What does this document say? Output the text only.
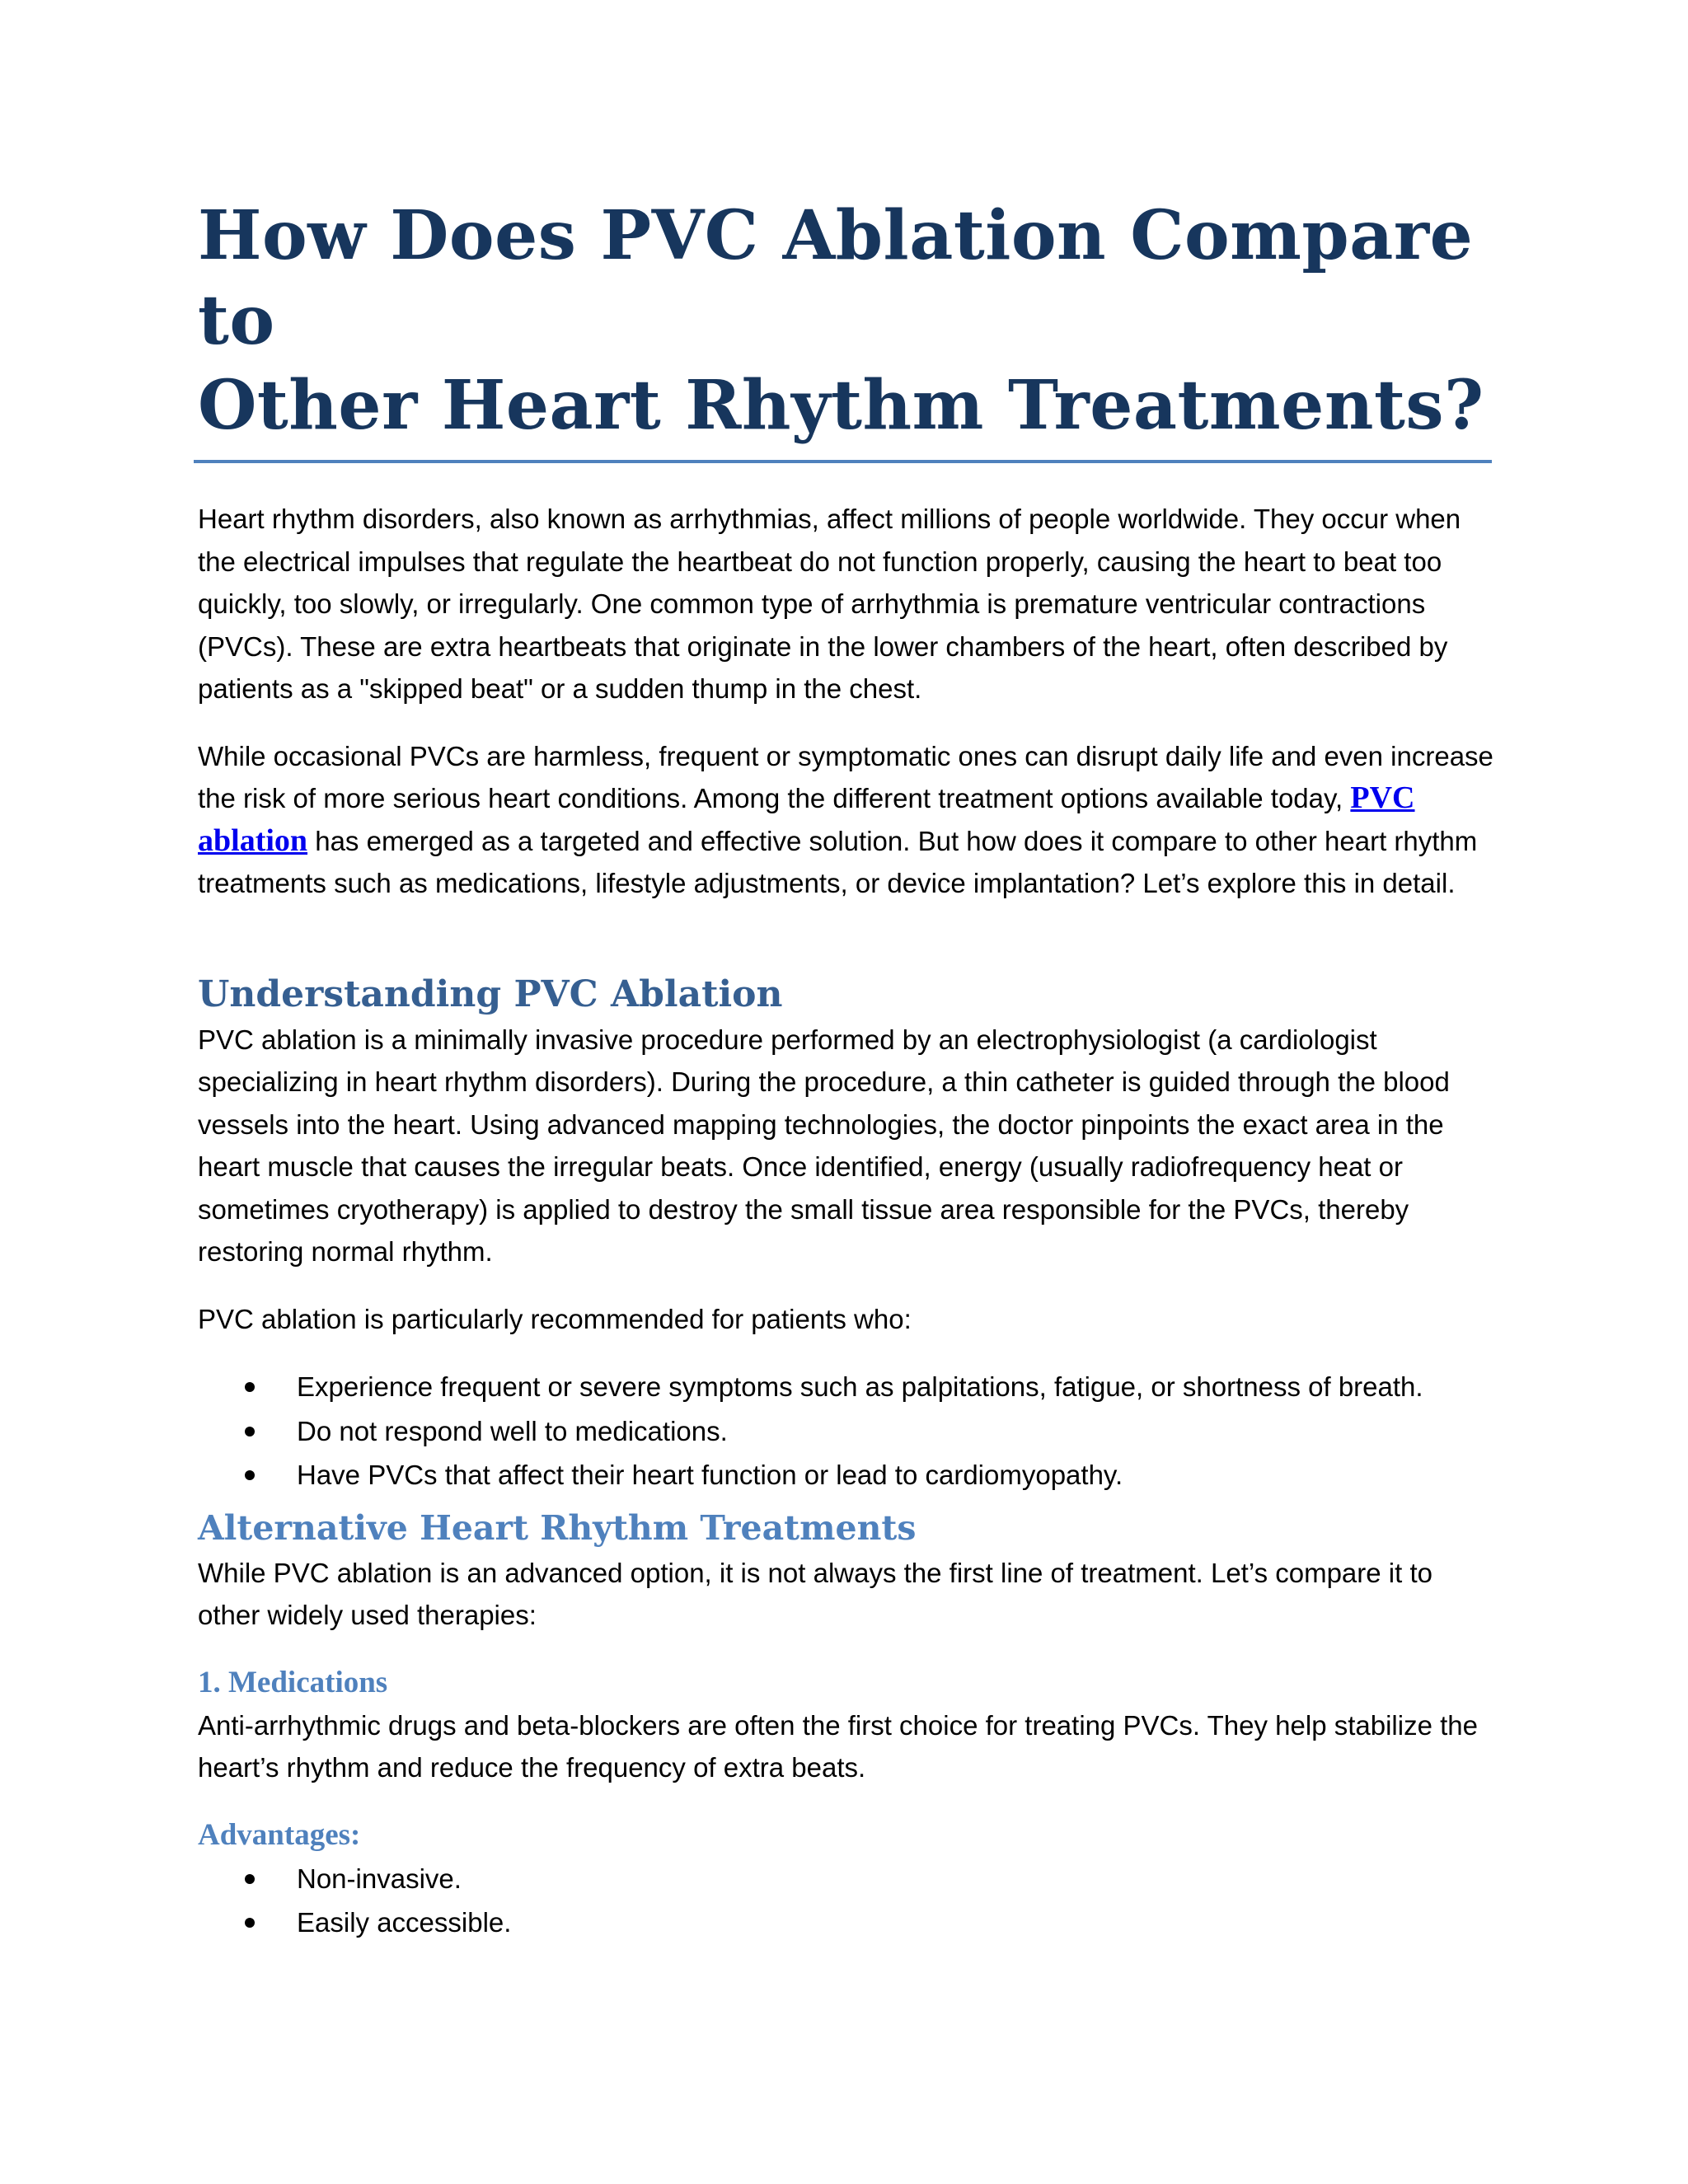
How Does PVC Ablation Compare to
Other Heart Rhythm Treatments?

Heart rhythm disorders, also known as arrhythmias, affect millions of people worldwide. They occur when the electrical impulses that regulate the heartbeat do not function properly, causing the heart to beat too quickly, too slowly, or irregularly. One common type of arrhythmia is premature ventricular contractions (PVCs). These are extra heartbeats that originate in the lower chambers of the heart, often described by patients as a "skipped beat" or a sudden thump in the chest.

While occasional PVCs are harmless, frequent or symptomatic ones can disrupt daily life and even increase the risk of more serious heart conditions. Among the different treatment options available today, PVC ablation has emerged as a targeted and effective solution. But how does it compare to other heart rhythm treatments such as medications, lifestyle adjustments, or device implantation? Let’s explore this in detail.

Understanding PVC Ablation

PVC ablation is a minimally invasive procedure performed by an electrophysiologist (a cardiologist specializing in heart rhythm disorders). During the procedure, a thin catheter is guided through the blood vessels into the heart. Using advanced mapping technologies, the doctor pinpoints the exact area in the heart muscle that causes the irregular beats. Once identified, energy (usually radiofrequency heat or sometimes cryotherapy) is applied to destroy the small tissue area responsible for the PVCs, thereby restoring normal rhythm.

PVC ablation is particularly recommended for patients who:

Experience frequent or severe symptoms such as palpitations, fatigue, or shortness of breath.
Do not respond well to medications.
Have PVCs that affect their heart function or lead to cardiomyopathy.
Alternative Heart Rhythm Treatments

While PVC ablation is an advanced option, it is not always the first line of treatment. Let’s compare it to other widely used therapies:

1. Medications

Anti-arrhythmic drugs and beta-blockers are often the first choice for treating PVCs. They help stabilize the heart’s rhythm and reduce the frequency of extra beats.

Advantages:
Non-invasive.
Easily accessible.
